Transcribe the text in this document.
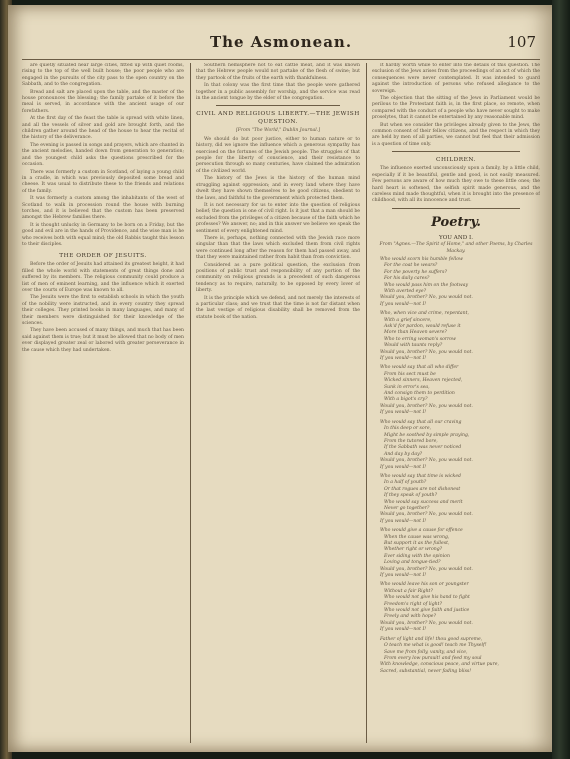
The Asmonean.	107

are quietly situated near large cities, fitted up with quiet rooms, rising to the top of the well built house; the poor people who are engaged in the pursuits of the city pass to the open country on the Sabbath, and to the congregation.

Bread and salt are placed upon the table, and the master of the house pronounces the blessing; the family partake of it before the meal is served, in accordance with the ancient usage of our forefathers.

At the first day of the feast the table is spread with white linen, and all the vessels of silver and gold are brought forth, and the children gather around the head of the house to hear the recital of the history of the deliverance.

The evening is passed in songs and prayers, which are chanted in the ancient melodies, handed down from generation to generation; and the youngest child asks the questions prescribed for the occasion.

There was formerly a custom in Scotland, of laying a young child in a cradle, in which was previously deposited some bread and cheese. It was usual to distribute these to the friends and relations of the family.

It was formerly a custom among the inhabitants of the west of Scotland to walk in procession round the house with burning torches, and it is believed that the custom has been preserved amongst the Hebrew families there.

It is thought unlucky in Germany to be born on a Friday, but the good and evil are in the hands of Providence, and the wise man is he who receives both with equal mind; the old Rabbis taught this lesson to their disciples.

THE ORDER OF JESUITS.

Before the order of Jesuits had attained its greatest height, it had filled the whole world with statements of great things done and suffered by its members. The religious community could produce a list of men of eminent learning, and the influence which it exerted over the courts of Europe was known to all.

The Jesuits were the first to establish schools in which the youth of the nobility were instructed, and in every country they spread their colleges. They printed books in many languages, and many of their members were distinguished for their knowledge of the sciences.

They have been accused of many things, and much that has been said against them is true; but it must be allowed that no body of men ever displayed greater zeal or labored with greater perseverance in the cause which they had undertaken.

Southern hemisphere not to eat cattle meat, and it was known that the Hebrew people would not partake of the flesh of swine; but they partook of the fruits of the earth with thankfulness.

In that colony was the first time that the people were gathered together in a public assembly for worship, and the service was read in the ancient tongue by the elder of the congregation.

CIVIL AND RELIGIOUS LIBERTY.—THE JEWISH QUESTION.
[From "The World," Dublin Journal.]

We should do but poor justice, either to human nature or to history, did we ignore the influence which a generous sympathy has exercised on the fortunes of the Jewish people. The struggles of that people for the liberty of conscience, and their resistance to persecution through so many centuries, have claimed the admiration of the civilized world.

The history of the Jews is the history of the human mind struggling against oppression; and in every land where they have dwelt they have shown themselves to be good citizens, obedient to the laws, and faithful to the government which protected them.

It is not necessary for us to enter into the question of religious belief; the question is one of civil right. Is it just that a man should be excluded from the privileges of a citizen because of the faith which he professes? We answer, no; and in this answer we believe we speak the sentiment of every enlightened mind.

There is, perhaps, nothing connected with the Jewish race more singular than that the laws which excluded them from civil rights were continued long after the reason for them had passed away, and that they were maintained rather from habit than from conviction.

Considered as a pure political question, the exclusion from positions of public trust and responsibility of any portion of the community on religious grounds is a precedent of such dangerous tendency as to require, naturally, to be opposed by every lover of liberty.

It is the principle which we defend, and not merely the interests of a particular class; and we trust that the time is not far distant when the last vestige of religious disability shall be removed from the statute book of the nation.

It hardly worth while to enter into the details of this question. The exclusion of the Jews arises from the proceedings of an act of which the consequences were never contemplated. It was intended to guard against the introduction of persons who refused allegiance to the sovereign.

The objection that the sitting of the Jews in Parliament would be perilous to the Protestant faith is, in the first place, so remote, when compared with the conduct of a people who have never sought to make proselytes, that it cannot be entertained by any reasonable mind.

But when we consider the privileges already given to the Jews, the common consent of their fellow citizens, and the respect in which they are held by men of all parties, we cannot but feel that their admission is a question of time only.

CHILDREN.

The influence exerted unconsciously upon a family, by a little child, especially if it be beautiful, gentle and good, is not easily measured. Few persons are aware of how much they owe to these little ones; the hard heart is softened, the selfish spirit made generous, and the careless mind made thoughtful, when it is brought into the presence of childhood, with all its innocence and trust.

Poetry.
YOU AND I.
From "Agnes.—The Spirit of Home," and other Poems, by Charles Mackay.
Who would scorn his humble fellow
For the coat he wears?
For the poverty he suffers?
For his daily cares?
Who would pass him on the footway
With averted eye?
Would you, brother? No, you would not.
If you would—not I!
Who, when vice and crime, repentant,
With a grief sincere,
Ask'd for pardon, would refuse it
More than Heaven severe?
Who to erring woman's sorrow
Would with taunts reply?
Would you, brother? No, you would not.
If you would—not I!
Who would say that all who differ
From his sect must be
Wicked sinners, Heaven rejected,
Sunk in error's sea,
And consign them to perdition
With a bigot's cry?
Would you, brother? No, you would not.
If you would—not I!
Who would say that all our craving
In this deep or sore,
Might be soothed by simple praying,
From the tutored bore,
If the Sabbath was never noticed
And day by day?
Would you, brother? No, you would not.
If you would—not I!
Who would say that time is wicked
In a half of youth?
Or that rogues are not dishonest
If they speak of youth?
Who would say success and merit
Never go together?
Would you, brother? No, you would not.
If you would—not I!
Who would give a cause for offence
When the cause was wrong,
But support it as the fullest,
Whether right or wrong?
Ever siding with the opinion
Loving and tongue-tied?
Would you, brother? No, you would not.
If you would—not I!
Who would leave his son or youngster
Without a fair Right?
Who would not give his hand to fight
Freedom's right of light?
Who would not give faith and justice
Freely and with hope?
Would you, brother? No, you would not.
If you would—not I!
Father of light and life! thou good supreme,
O teach me what is good! teach me Thyself!
Save me from folly, vanity, and vice,
From every low pursuit! and feed my soul
With knowledge, conscious peace, and virtue pure,
Sacred, substantial, never fading bliss!
